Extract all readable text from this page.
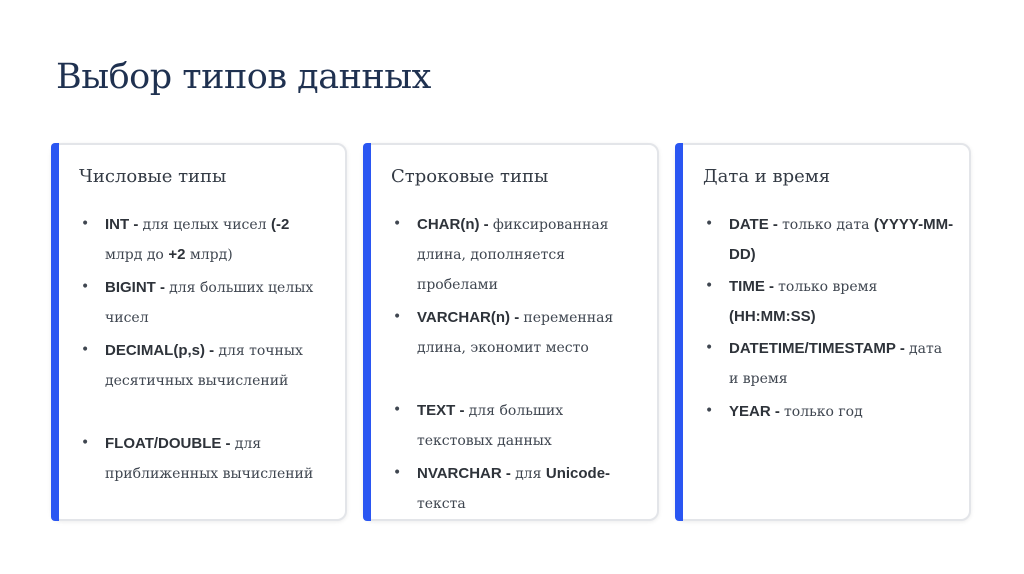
Выбор типов данных
Числовые типы
• INT - для целых чисел (-2 млрд до +2 млрд)
• BIGINT - для больших целых чисел
• DECIMAL(p,s) - для точных десятичных вычислений
• FLOAT/DOUBLE - для приближенных вычислений
Строковые типы
• CHAR(n) - фиксированная длина, дополняется пробелами
• VARCHAR(n) - переменная длина, экономит место
• TEXT - для больших текстовых данных
• NVARCHAR - для Unicode- текста
Дата и время
• DATE - только дата (YYYY-MM-DD)
• TIME - только время (HH:MM:SS)
• DATETIME/TIMESTAMP - дата и время
• YEAR - только год
